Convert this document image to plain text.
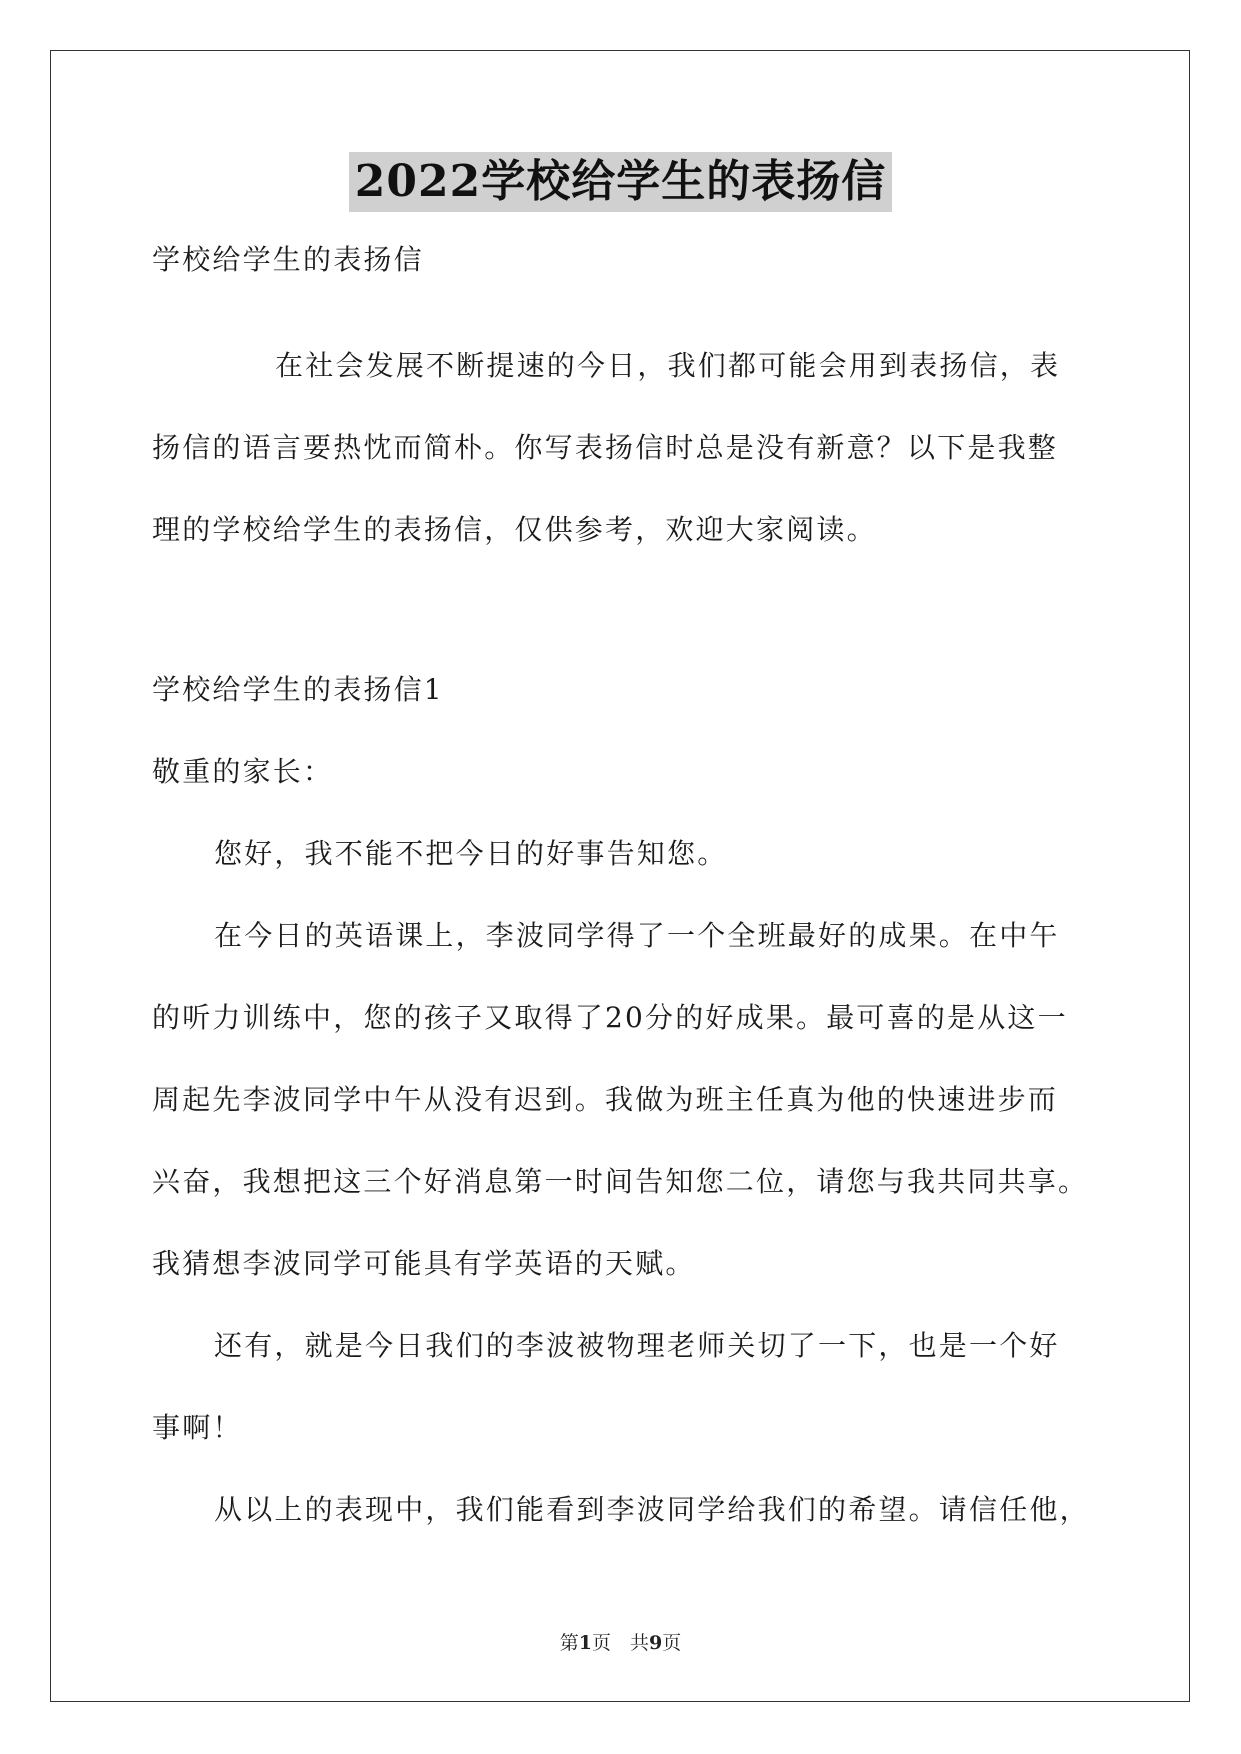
2022学校给学生的表扬信
学校给学生的表扬信
在社会发展不断提速的今日，我们都可能会用到表扬信，表
扬信的语言要热忱而简朴。你写表扬信时总是没有新意？以下是我整
理的学校给学生的表扬信，仅供参考，欢迎大家阅读。
学校给学生的表扬信1
敬重的家长：
您好，我不能不把今日的好事告知您。
在今日的英语课上，李波同学得了一个全班最好的成果。在中午
的听力训练中，您的孩子又取得了20分的好成果。最可喜的是从这一
周起先李波同学中午从没有迟到。我做为班主任真为他的快速进步而
兴奋，我想把这三个好消息第一时间告知您二位，请您与我共同共享。
我猜想李波同学可能具有学英语的天赋。
还有，就是今日我们的李波被物理老师关切了一下，也是一个好
事啊！
从以上的表现中，我们能看到李波同学给我们的希望。请信任他，
第1页　共9页
